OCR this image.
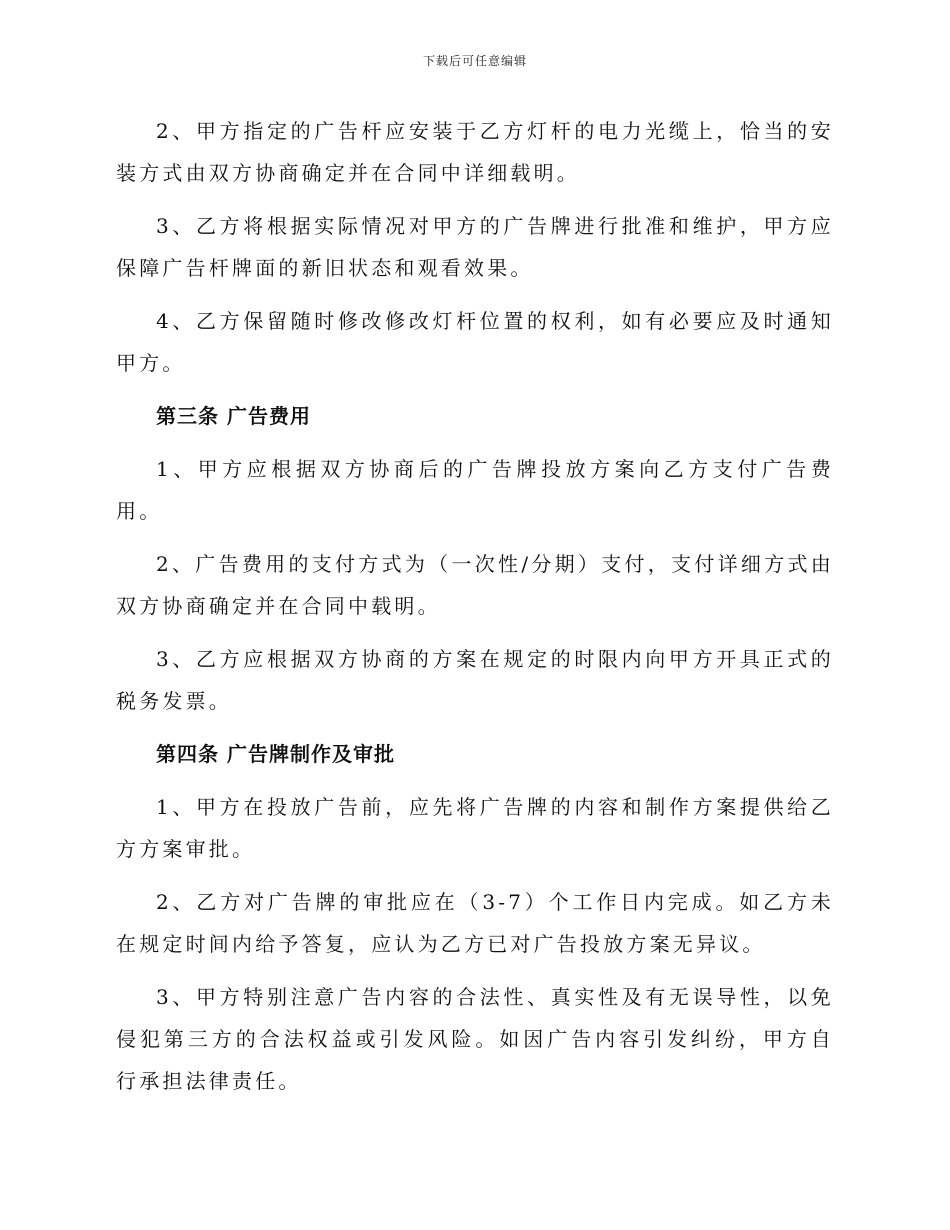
下载后可任意编辑

2、甲方指定的广告杆应安装于乙方灯杆的电力光缆上，恰当的安装方式由双方协商确定并在合同中详细载明。

3、乙方将根据实际情况对甲方的广告牌进行批准和维护，甲方应保障广告杆牌面的新旧状态和观看效果。

4、乙方保留随时修改修改灯杆位置的权利，如有必要应及时通知甲方。

第三条 广告费用

1、甲方应根据双方协商后的广告牌投放方案向乙方支付广告费用。

2、广告费用的支付方式为（一次性/分期）支付，支付详细方式由双方协商确定并在合同中载明。

3、乙方应根据双方协商的方案在规定的时限内向甲方开具正式的税务发票。

第四条 广告牌制作及审批

1、甲方在投放广告前，应先将广告牌的内容和制作方案提供给乙方方案审批。

2、乙方对广告牌的审批应在（3-7）个工作日内完成。如乙方未在规定时间内给予答复，应认为乙方已对广告投放方案无异议。

3、甲方特别注意广告内容的合法性、真实性及有无误导性，以免侵犯第三方的合法权益或引发风险。如因广告内容引发纠纷，甲方自行承担法律责任。
